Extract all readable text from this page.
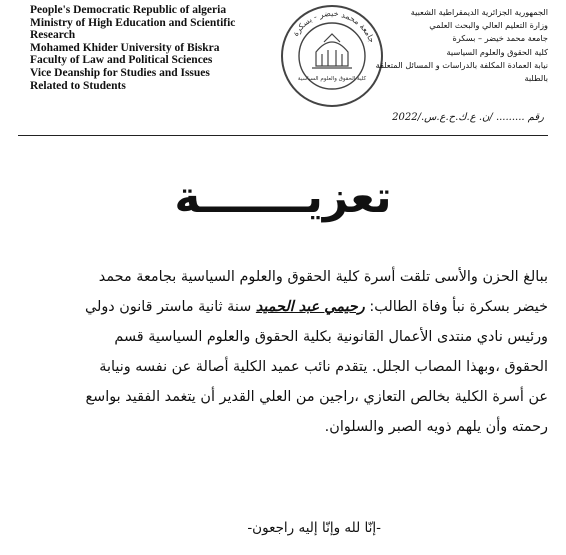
People's Democratic Republic of algeria
Ministry of High Education and Scientific
Research
Mohamed Khider University of Biskra
Faculty of Law and Political Sciences
Vice Deanship for Studies and Issues
Related to Students
جامعة محمد خيضر - بسكرة
كلية الحقوق والعلوم السياسية
الجمهورية الجزائرية الديمقراطية الشعبية
وزارة التعليم العالي والبحث العلمي
جامعة محمد خيضر – بسكرة
كلية الحقوق والعلوم السياسية
نيابة العمادة المكلفة بالدراسات و المسائل المتعلقة
بالطلبة
رقم ......... /ن. ع.ك.ح.ع.س./2022
تعزيـــــــة
ببالغ الحزن والأسى تلقت أسرة كلية الحقوق والعلوم السياسية بجامعة محمد
خيضر بسكرة نبأ وفاة الطالب: رحيمي عبد الحميد سنة ثانية ماستر قانون دولي
ورئيس نادي منتدى الأعمال القانونية بكلية الحقوق والعلوم السياسية قسم
الحقوق ،وبهذا المصاب الجلل. يتقدم نائب عميد الكلية أصالة عن نفسه ونيابة
عن أسرة الكلية بخالص التعازي ،راجين من العلي القدير أن يتغمد الفقيد بواسع
رحمته وأن يلهم ذويه الصبر والسلوان.
-إنّا لله وإنّا إليه راجعون-
